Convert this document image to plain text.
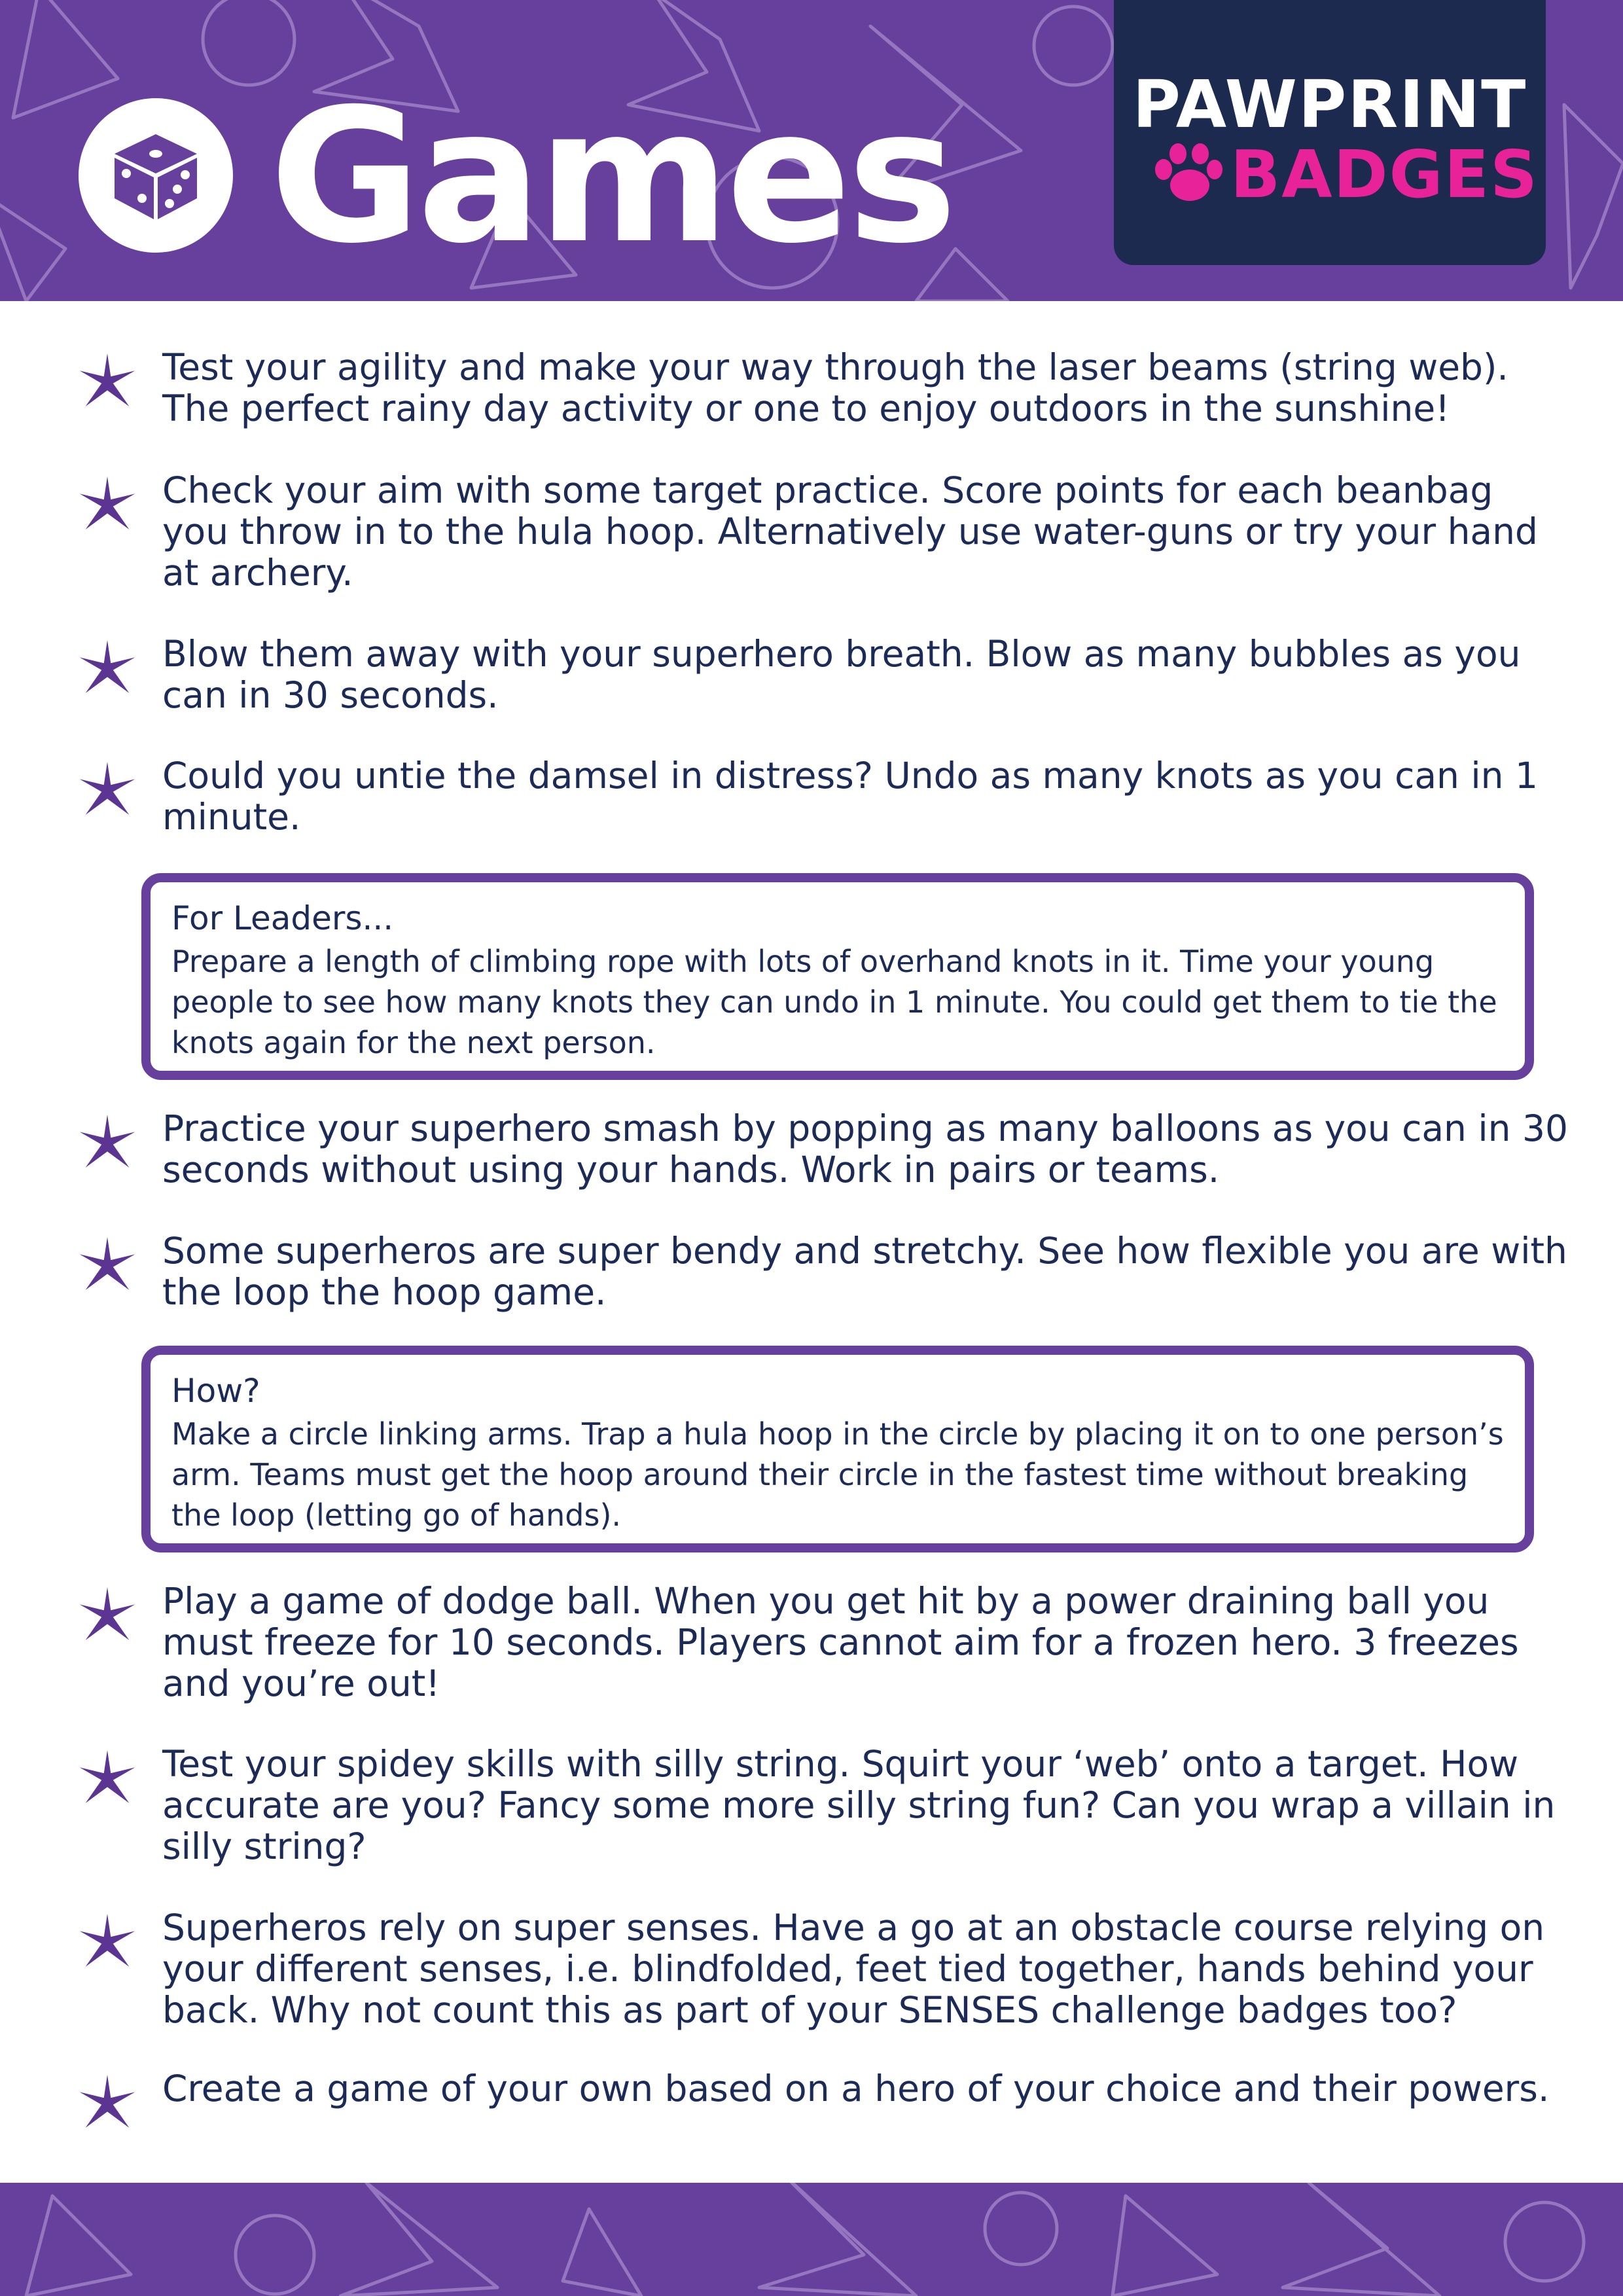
Games	PAWPRINT
BADGES
Test your agility and make your way through the laser beams (string web). The perfect rainy day activity or one to enjoy outdoors in the sunshine!
Check your aim with some target practice. Score points for each beanbag you throw in to the hula hoop. Alternatively use water-guns or try your hand at archery.
Blow them away with your superhero breath. Blow as many bubbles as you can in 30 seconds.
Could you untie the damsel in distress? Undo as many knots as you can in 1 minute.
For Leaders...
Prepare a length of climbing rope with lots of overhand knots in it. Time your young people to see how many knots they can undo in 1 minute. You could get them to tie the knots again for the next person.
Practice your superhero smash by popping as many balloons as you can in 30 seconds without using your hands. Work in pairs or teams.
Some superheros are super bendy and stretchy. See how flexible you are with the loop the hoop game.
How?
Make a circle linking arms. Trap a hula hoop in the circle by placing it on to one person’s arm. Teams must get the hoop around their circle in the fastest time without breaking the loop (letting go of hands).
Play a game of dodge ball. When you get hit by a power draining ball you must freeze for 10 seconds. Players cannot aim for a frozen hero. 3 freezes and you’re out!
Test your spidey skills with silly string. Squirt your ‘web’ onto a target. How accurate are you? Fancy some more silly string fun? Can you wrap a villain in silly string?
Superheros rely on super senses. Have a go at an obstacle course relying on your different senses, i.e. blindfolded, feet tied together, hands behind your back. Why not count this as part of your SENSES challenge badges too?
Create a game of your own based on a hero of your choice and their powers.
